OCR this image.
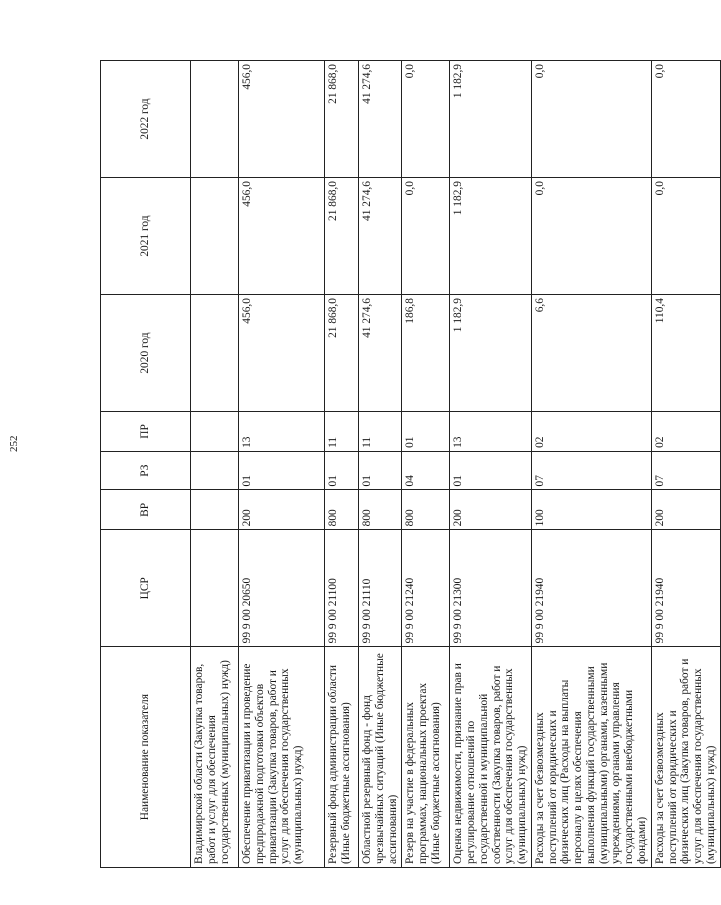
252
Наименование показателя	ЦСР	ВР	РЗ	ПР	2020 год	2021 год	2022 год
Владимирской области (Закупка товаров, работ и услуг для обеспечения государственных (муниципальных) нужд)							
Обеспечение приватизации и проведение предпродажной подготовки объектов приватизации (Закупка товаров, работ и услуг для обеспечения государственных (муниципальных) нужд)	99 9 00 20650	200	01	13	456,0	456,0	456,0
Резервный фонд администрации области (Иные бюджетные ассигнования)	99 9 00 21100	800	01	11	21 868,0	21 868,0	21 868,0
Областной резервный фонд - фонд чрезвычайных ситуаций (Иные бюджетные ассигнования)	99 9 00 21110	800	01	11	41 274,6	41 274,6	41 274,6
Резерв на участие в федеральных программах, национальных проектах (Иные бюджетные ассигнования)	99 9 00 21240	800	04	01	186,8	0,0	0,0
Оценка недвижимости, признание прав и регулирование отношений по государственной и муниципальной собственности (Закупка товаров, работ и услуг для обеспечения государственных (муниципальных) нужд)	99 9 00 21300	200	01	13	1 182,9	1 182,9	1 182,9
Расходы за счет безвозмездных поступлений от юридических и физических лиц (Расходы на выплаты персоналу в целях обеспечения выполнения функций государственными (муниципальными) органами, казенными учреждениями, органами управления государственными внебюджетными фондами)	99 9 00 21940	100	07	02	6,6	0,0	0,0
Расходы за счет безвозмездных поступлений от юридических и физических лиц (Закупка товаров, работ и услуг для обеспечения государственных (муниципальных) нужд)	99 9 00 21940	200	07	02	110,4	0,0	0,0
